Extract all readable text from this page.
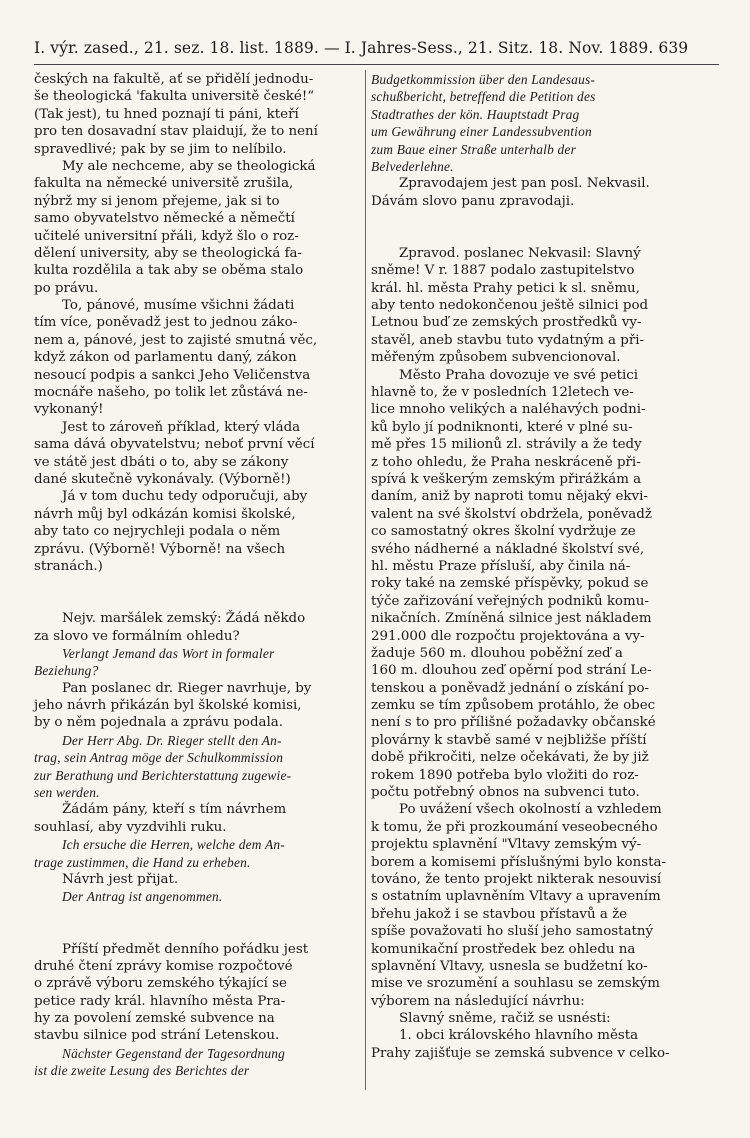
I. výr. zased., 21. sez. 18. list. 1889. — I. Jahres-Sess., 21. Sitz. 18. Nov. 1889. 639
českých na fakultě, ať se přidělí jednodu-
še theologická 'fakulta universitě české!“
(Tak jest), tu hned poznají ti páni, kteří
pro ten dosavadní stav plaidují, že to není
spravedlivé; pak by se jim to nelíbilo.
My ale nechceme, aby se theologická
fakulta na německé universitě zrušila,
nýbrž my si jenom přejeme, jak si to
samo obyvatelstvo německé a němečtí
učitelé universitní přáli, když šlo o roz-
dělení university, aby se theologická fa-
kulta rozdělila a tak aby se oběma stalo
po právu.
To, pánové, musíme všichni žádati
tím více, poněvadž jest to jednou záko-
nem a, pánové, jest to zajisté smutná věc,
když zákon od parlamentu daný, zákon
nesoucí podpis a sankci Jeho Veličenstva
mocnáře našeho, po tolik let zůstává ne-
vykonaný!
Jest to zároveň příklad, který vláda
sama dává obyvatelstvu; neboť první věcí
ve státě jest dbáti o to, aby se zákony
dané skutečně vykonávaly. (Výborně!)
Já v tom duchu tedy odporučuji, aby
návrh můj byl odkázán komisi školské,
aby tato co nejrychleji podala o něm
zprávu. (Výborně! Výborně! na všech
stranách.)
Nejv. maršálek zemský: Žádá někdo
za slovo ve formálním ohledu?
Verlangt Jemand das Wort in formaler
Beziehung?
Pan poslanec dr. Rieger navrhuje, by
jeho návrh přikázán byl školské komisi,
by o něm pojednala a zprávu podala.
Der Herr Abg. Dr. Rieger stellt den An-
trag, sein Antrag möge der Schulkommission
zur Berathung und Berichterstattung zugewie-
sen werden.
Žádám pány, kteří s tím návrhem
souhlasí, aby vyzdvihli ruku.
Ich ersuche die Herren, welche dem An-
trage zustimmen, die Hand zu erheben.
Návrh jest přijat.
Der Antrag ist angenommen.
Příští předmět denního pořádku jest
druhé čtení zprávy komise rozpočtové
o zprávě výboru zemského týkající se
petice rady král. hlavního města Pra-
hy za povolení zemské subvence na
stavbu silnice pod strání Letenskou.
Nächster Gegenstand der Tagesordnung
ist die zweite Lesung des Berichtes der
Budgetkommission über den Landesaus-
schußbericht, betreffend die Petition des
Stadtrathes der kön. Hauptstadt Prag
um Gewährung einer Landessubvention
zum Baue einer Straße unterhalb der
Belvederlehne.
Zpravodajem jest pan posl. Nekvasil.
Dávám slovo panu zpravodaji.
Zpravod. poslanec Nekvasil: Slavný
sněme! V r. 1887 podalo zastupitelstvo
král. hl. města Prahy petici k sl. sněmu,
aby tento nedokončenou ještě silnici pod
Letnou buď ze zemských prostředků vy-
stavěl, aneb stavbu tuto vydatným a při-
měřeným způsobem subvencionoval.
Město Praha dovozuje ve své petici
hlavně to, že v posledních 12letech ve-
lice mnoho velikých a naléhavých podni-
ků bylo jí podniknonti, které v plné su-
mě přes 15 milionů zl. strávily a že tedy
z toho ohledu, že Praha neskráceně při-
spívá k veškerým zemským přirážkám a
daním, aniž by naproti tomu nějaký ekvi-
valent na své školství obdržela, poněvadž
co samostatný okres školní vydržuje ze
svého nádherné a nákladné školství své,
hl. městu Praze přísluší, aby činila ná-
roky také na zemské příspěvky, pokud se
týče zařizování veřejných podniků komu-
nikačních. Zmíněná silnice jest nákladem
291.000 dle rozpočtu projektována a vy-
žaduje 560 m. dlouhou poběžní zeď a
160 m. dlouhou zeď opěrní pod strání Le-
tenskou a poněvadž jednání o získání po-
zemku se tím způsobem protáhlo, že obec
není s to pro přílišné požadavky občanské
plovárny k stavbě samé v nejbližše příští
době přikročiti, nelze očekávati, že by již
rokem 1890 potřeba bylo vložiti do roz-
počtu potřebný obnos na subvenci tuto.
Po uvážení všech okolností a vzhledem
k tomu, že při prozkoumání veseobecného
projektu splavnění "Vltavy zemským vý-
borem a komisemi příslušnými bylo konsta-
továno, že tento projekt nikterak nesouvisí
s ostatním uplavněním Vltavy a upravením
břehu jakož i se stavbou přístavů a že
spíše považovati ho sluší jeho samostatný
komunikační prostředek bez ohledu na
splavnění Vltavy, usnesla se budžetní ko-
mise ve srozumění a souhlasu se zemským
výborem na následující návrhu:
Slavný sněme, račiž se usnésti:
1. obci královského hlavního města
Prahy zajišťuje se zemská subvence v celko-
